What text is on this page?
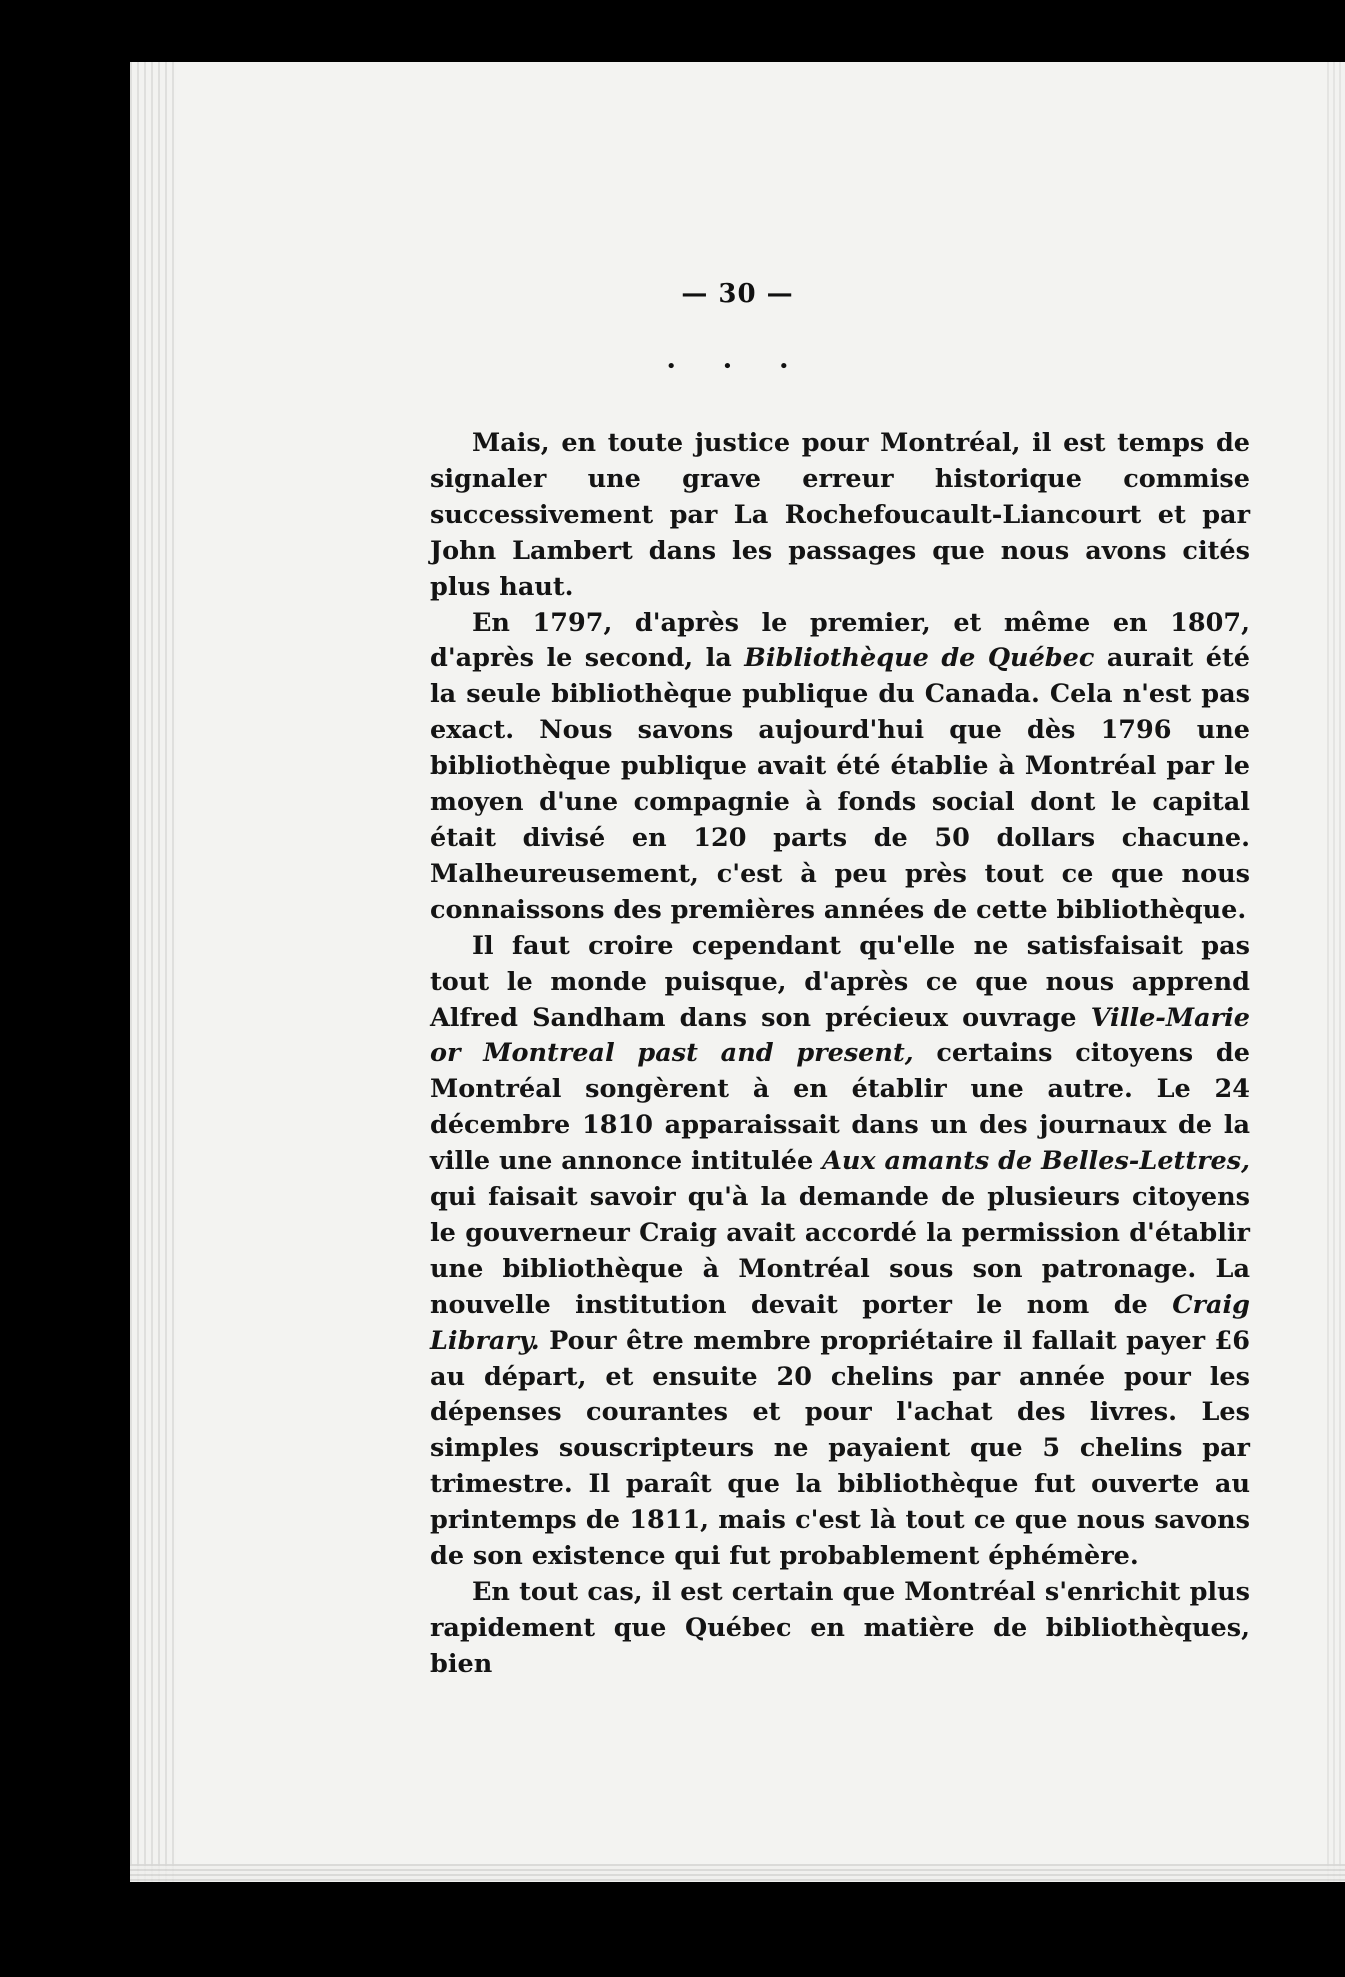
— 30 —
• • •

Mais, en toute justice pour Montréal, il est temps de signaler une grave erreur historique commise successivement par La Rochefoucault-Liancourt et par John Lambert dans les passages que nous avons cités plus haut.

En 1797, d'après le premier, et même en 1807, d'après le second, la Bibliothèque de Québec aurait été la seule bibliothèque publique du Canada. Cela n'est pas exact. Nous savons aujourd'hui que dès 1796 une bibliothèque publique avait été établie à Montréal par le moyen d'une compagnie à fonds social dont le capital était divisé en 120 parts de 50 dollars chacune. Malheureusement, c'est à peu près tout ce que nous connaissons des premières années de cette bibliothèque.

Il faut croire cependant qu'elle ne satisfaisait pas tout le monde puisque, d'après ce que nous apprend Alfred Sandham dans son précieux ouvrage Ville-Marie or Montreal past and present, certains citoyens de Montréal songèrent à en établir une autre. Le 24 décembre 1810 apparaissait dans un des journaux de la ville une annonce intitulée Aux amants de Belles-Lettres, qui faisait savoir qu'à la demande de plusieurs citoyens le gouverneur Craig avait accordé la permission d'établir une bibliothèque à Montréal sous son patronage. La nouvelle institution devait porter le nom de Craig Library. Pour être membre propriétaire il fallait payer £6 au départ, et ensuite 20 chelins par année pour les dépenses courantes et pour l'achat des livres. Les simples souscripteurs ne payaient que 5 chelins par trimestre. Il paraît que la bibliothèque fut ouverte au printemps de 1811, mais c'est là tout ce que nous savons de son existence qui fut probablement éphémère.

En tout cas, il est certain que Montréal s'enrichit plus rapidement que Québec en matière de bibliothèques, bien
